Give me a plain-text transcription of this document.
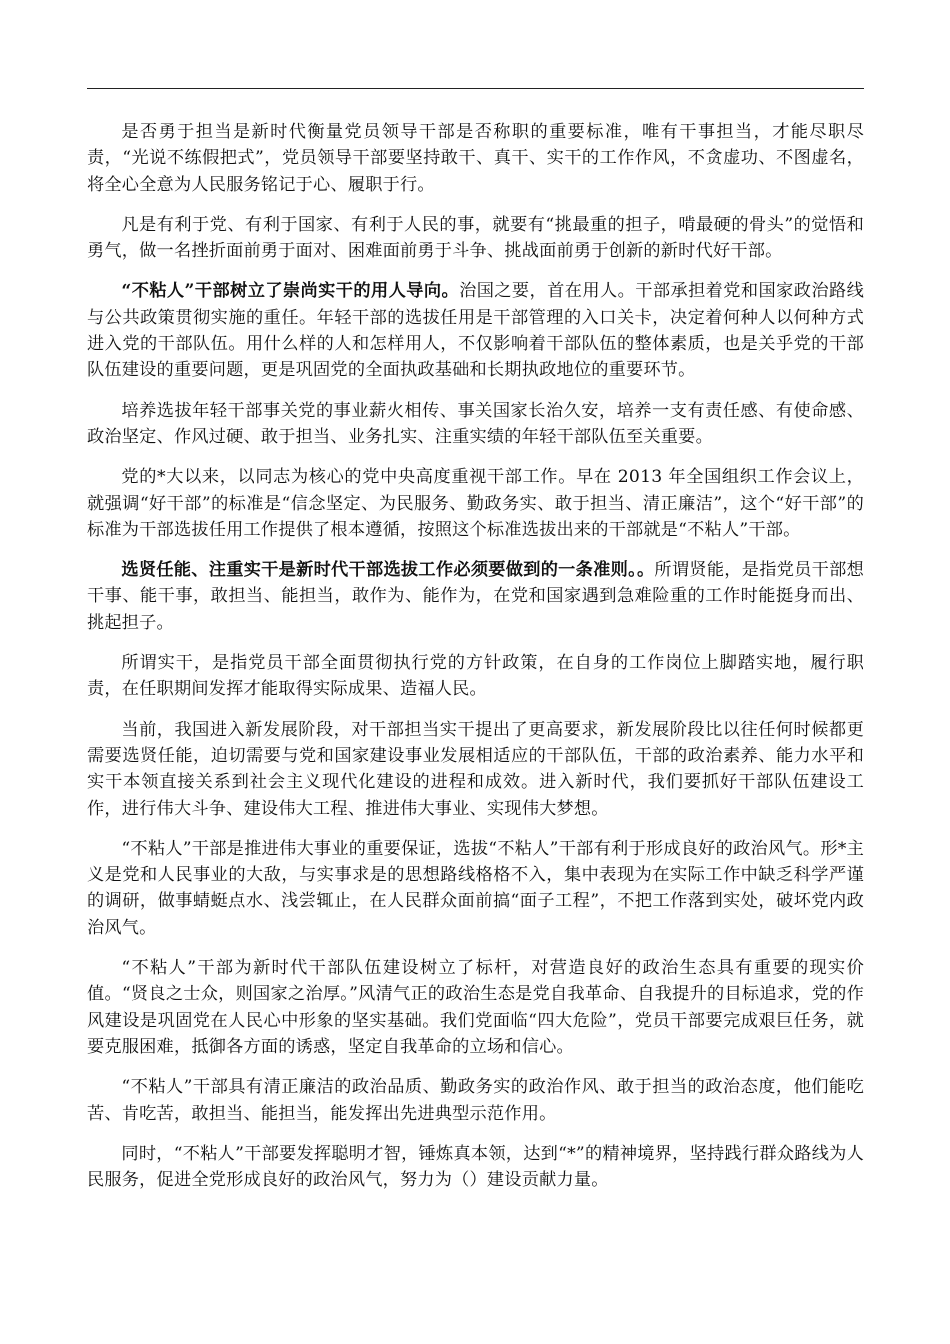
是否勇于担当是新时代衡量党员领导干部是否称职的重要标准，唯有干事担当，才能尽职尽责，“光说不练假把式”，党员领导干部要坚持敢干、真干、实干的工作作风，不贪虚功、不图虚名，将全心全意为人民服务铭记于心、履职于行。

凡是有利于党、有利于国家、有利于人民的事，就要有“挑最重的担子，啃最硬的骨头”的觉悟和勇气，做一名挫折面前勇于面对、困难面前勇于斗争、挑战面前勇于创新的新时代好干部。

“不粘人”干部树立了崇尚实干的用人导向。治国之要，首在用人。干部承担着党和国家政治路线与公共政策贯彻实施的重任。年轻干部的选拔任用是干部管理的入口关卡，决定着何种人以何种方式进入党的干部队伍。用什么样的人和怎样用人，不仅影响着干部队伍的整体素质，也是关乎党的干部队伍建设的重要问题，更是巩固党的全面执政基础和长期执政地位的重要环节。

培养选拔年轻干部事关党的事业薪火相传、事关国家长治久安，培养一支有责任感、有使命感、政治坚定、作风过硬、敢于担当、业务扎实、注重实绩的年轻干部队伍至关重要。

党的*大以来，以同志为核心的党中央高度重视干部工作。早在 2013 年全国组织工作会议上，就强调“好干部”的标准是“信念坚定、为民服务、勤政务实、敢于担当、清正廉洁”，这个“好干部”的标准为干部选拔任用工作提供了根本遵循，按照这个标准选拔出来的干部就是“不粘人”干部。

选贤任能、注重实干是新时代干部选拔工作必须要做到的一条准则。。所谓贤能，是指党员干部想干事、能干事，敢担当、能担当，敢作为、能作为，在党和国家遇到急难险重的工作时能挺身而出、挑起担子。

所谓实干，是指党员干部全面贯彻执行党的方针政策，在自身的工作岗位上脚踏实地，履行职责，在任职期间发挥才能取得实际成果、造福人民。

当前，我国进入新发展阶段，对干部担当实干提出了更高要求，新发展阶段比以往任何时候都更需要选贤任能，迫切需要与党和国家建设事业发展相适应的干部队伍，干部的政治素养、能力水平和实干本领直接关系到社会主义现代化建设的进程和成效。进入新时代，我们要抓好干部队伍建设工作，进行伟大斗争、建设伟大工程、推进伟大事业、实现伟大梦想。

“不粘人”干部是推进伟大事业的重要保证，选拔“不粘人”干部有利于形成良好的政治风气。形*主义是党和人民事业的大敌，与实事求是的思想路线格格不入，集中表现为在实际工作中缺乏科学严谨的调研，做事蜻蜓点水、浅尝辄止，在人民群众面前搞“面子工程”，不把工作落到实处，破坏党内政治风气。

“不粘人”干部为新时代干部队伍建设树立了标杆，对营造良好的政治生态具有重要的现实价值。“贤良之士众，则国家之治厚。”风清气正的政治生态是党自我革命、自我提升的目标追求，党的作风建设是巩固党在人民心中形象的坚实基础。我们党面临“四大危险”，党员干部要完成艰巨任务，就要克服困难，抵御各方面的诱惑，坚定自我革命的立场和信心。

“不粘人”干部具有清正廉洁的政治品质、勤政务实的政治作风、敢于担当的政治态度，他们能吃苦、肯吃苦，敢担当、能担当，能发挥出先进典型示范作用。

同时，“不粘人”干部要发挥聪明才智，锤炼真本领，达到“*”的精神境界，坚持践行群众路线为人民服务，促进全党形成良好的政治风气，努力为（）建设贡献力量。
